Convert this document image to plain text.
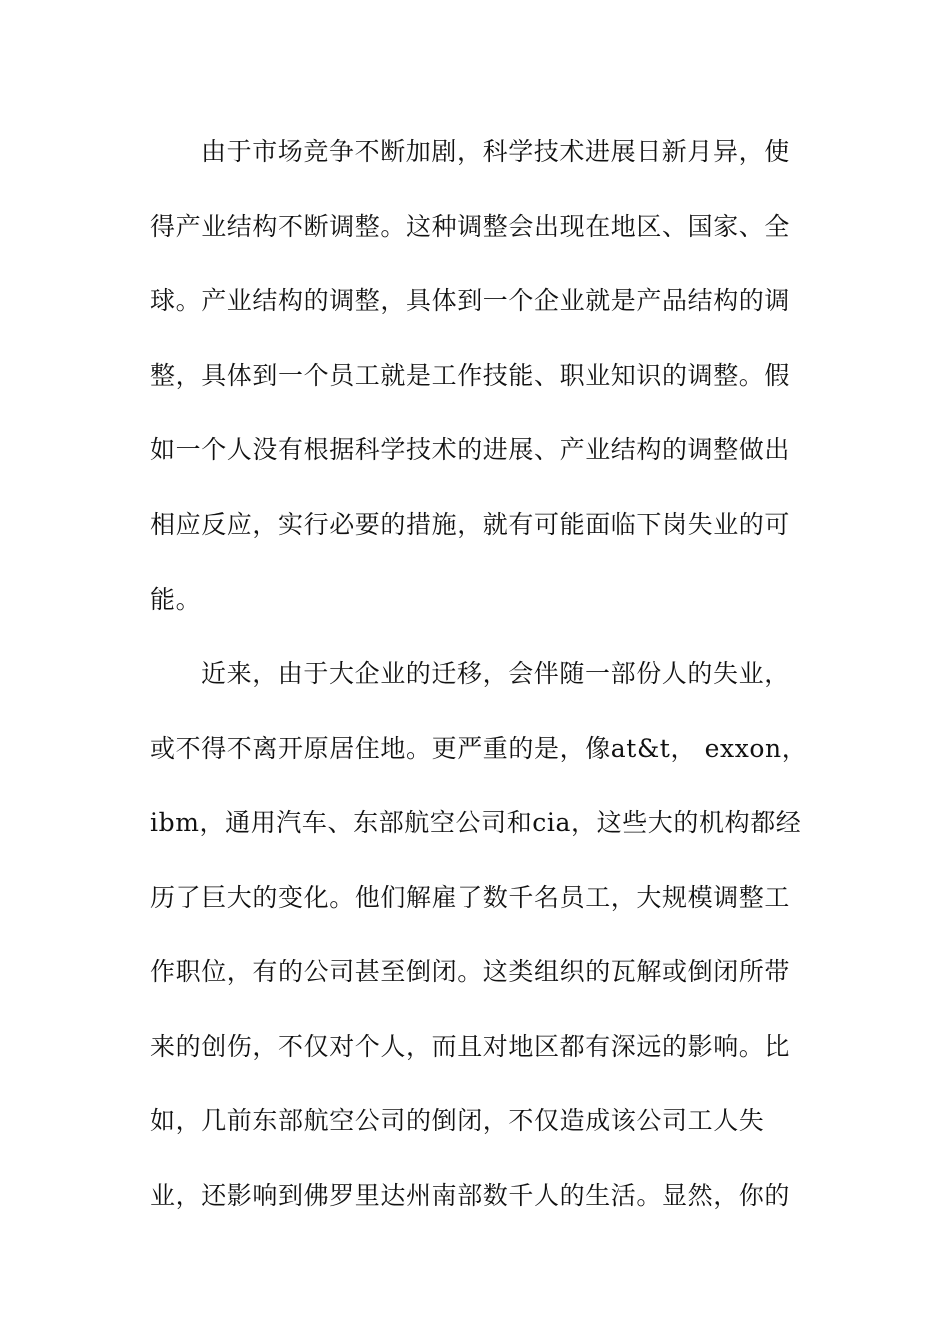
由于市场竞争不断加剧，科学技术进展日新月异，使
得产业结构不断调整。这种调整会出现在地区、国家、全
球。产业结构的调整，具体到一个企业就是产品结构的调
整，具体到一个员工就是工作技能、职业知识的调整。假
如一个人没有根据科学技术的进展、产业结构的调整做出
相应反应，实行必要的措施，就有可能面临下岗失业的可
能。
近来，由于大企业的迁移，会伴随一部份人的失业，
或不得不离开原居住地。更严重的是，像at&t， exxon，
ibm，通用汽车、东部航空公司和cia，这些大的机构都经
历了巨大的变化。他们解雇了数千名员工，大规模调整工
作职位，有的公司甚至倒闭。这类组织的瓦解或倒闭所带
来的创伤，不仅对个人，而且对地区都有深远的影响。比
如，几前东部航空公司的倒闭，不仅造成该公司工人失
业，还影响到佛罗里达州南部数千人的生活。显然，你的
